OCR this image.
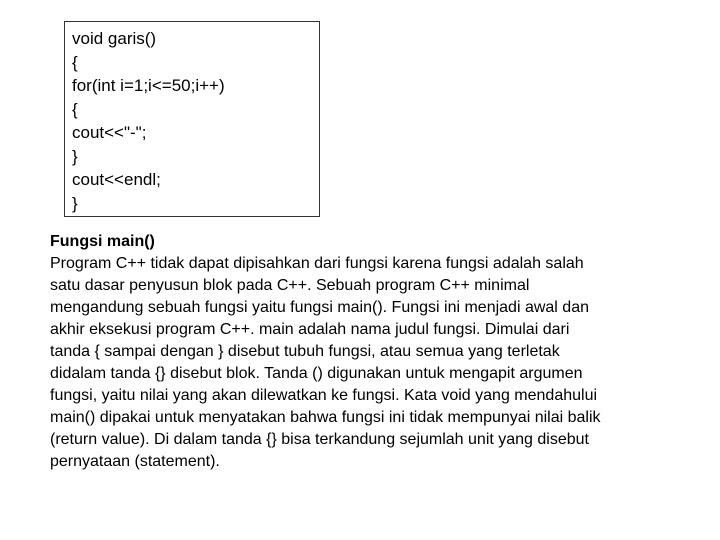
void garis()
{
for(int i=1;i<=50;i++)
{
cout<<"-";
}
cout<<endl;
}
Fungsi main()
Program C++ tidak dapat dipisahkan dari fungsi karena fungsi adalah salah
satu dasar penyusun blok pada C++. Sebuah program C++ minimal
mengandung sebuah fungsi yaitu fungsi main(). Fungsi ini menjadi awal dan
akhir eksekusi program C++. main adalah nama judul fungsi. Dimulai dari
tanda { sampai dengan } disebut tubuh fungsi, atau semua yang terletak
didalam tanda {} disebut blok. Tanda () digunakan untuk mengapit argumen
fungsi, yaitu nilai yang akan dilewatkan ke fungsi. Kata void yang mendahului
main() dipakai untuk menyatakan bahwa fungsi ini tidak mempunyai nilai balik
(return value). Di dalam tanda {} bisa terkandung sejumlah unit yang disebut
pernyataan (statement).
